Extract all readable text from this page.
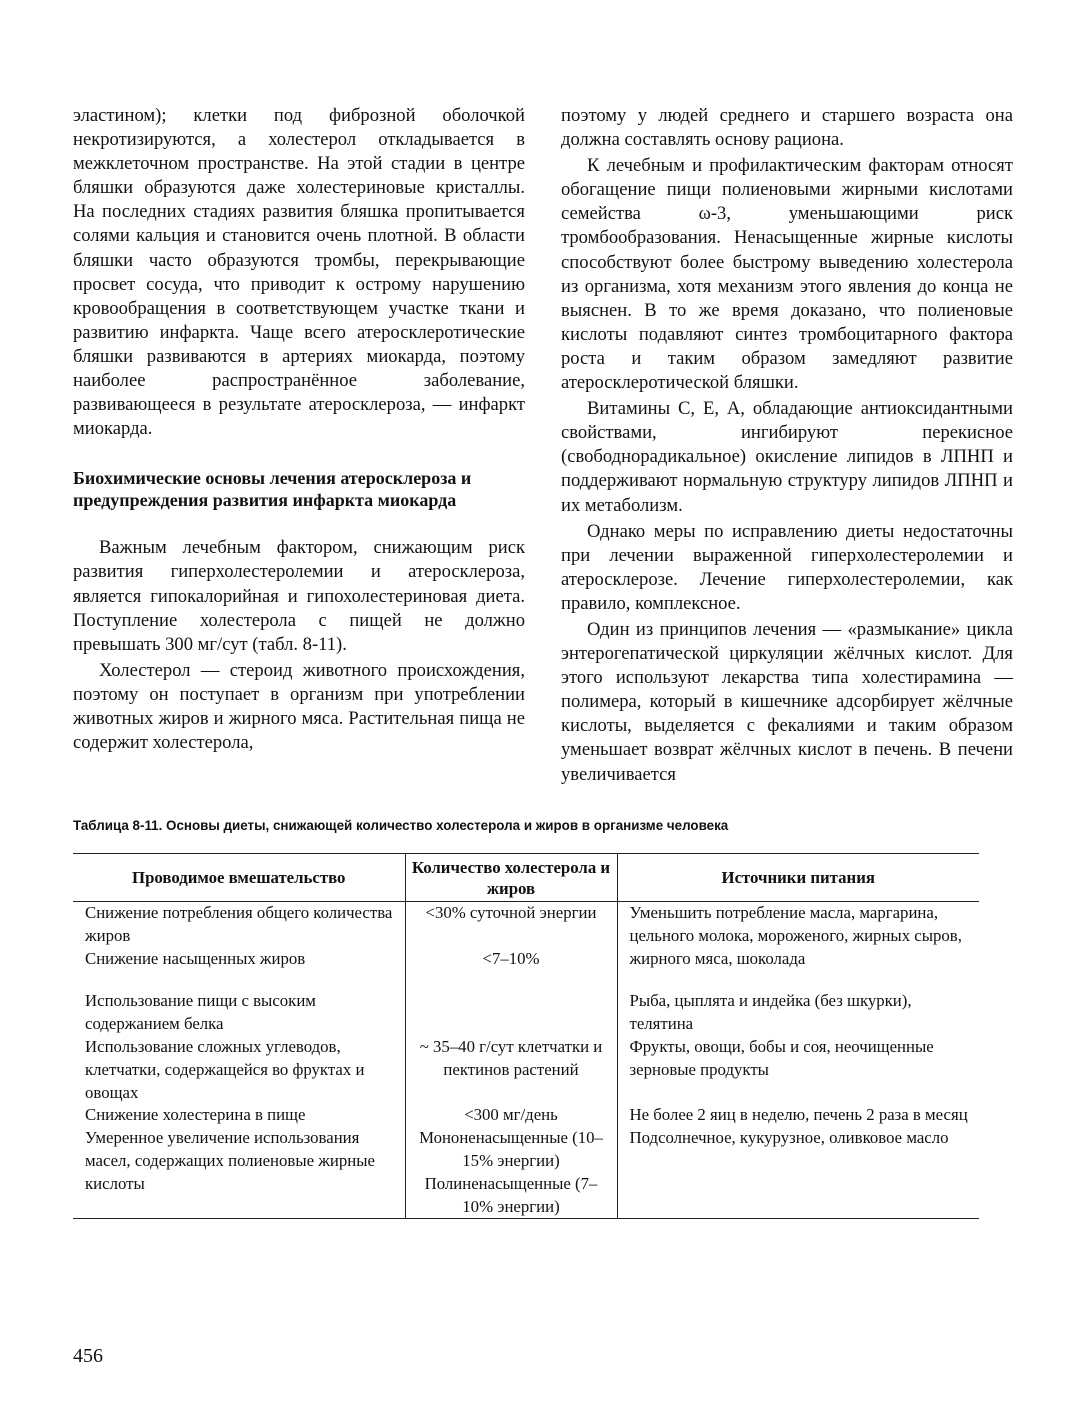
эластином); клетки под фиброзной оболочкой некротизируются, а холестерол откладывается в межклеточном пространстве. На этой стадии в центре бляшки образуются даже холестериновые кристаллы. На последних стадиях развития бляшка пропитывается солями кальция и становится очень плотной. В области бляшки часто образуются тромбы, перекрывающие просвет сосуда, что приводит к острому нарушению кровообращения в соответствующем участке ткани и развитию инфаркта. Чаще всего атеросклеротические бляшки развиваются в артериях миокарда, поэтому наиболее распространённое заболевание, развивающееся в результате атеросклероза, — инфаркт миокарда.

Биохимические основы лечения атеросклероза и предупреждения развития инфаркта миокарда

Важным лечебным фактором, снижающим риск развития гиперхолестеролемии и атеросклероза, является гипокалорийная и гипохолестериновая диета. Поступление холестерола с пищей не должно превышать 300 мг/сут (табл. 8-11).

Холестерол — стероид животного происхождения, поэтому он поступает в организм при употреблении животных жиров и жирного мяса. Растительная пища не содержит холестерола,

поэтому у людей среднего и старшего возраста она должна составлять основу рациона.

К лечебным и профилактическим факторам относят обогащение пищи полиеновыми жирными кислотами семейства ω-3, уменьшающими риск тромбообразования. Ненасыщенные жирные кислоты способствуют более быстрому выведению холестерола из организма, хотя механизм этого явления до конца не выяснен. В то же время доказано, что полиеновые кислоты подавляют синтез тромбоцитарного фактора роста и таким образом замедляют развитие атеросклеротической бляшки.

Витамины С, Е, А, обладающие антиоксидантными свойствами, ингибируют перекисное (свободнорадикальное) окисление липидов в ЛПНП и поддерживают нормальную структуру липидов ЛПНП и их метаболизм.

Однако меры по исправлению диеты недостаточны при лечении выраженной гиперхолестеролемии и атеросклерозе. Лечение гиперхолестеролемии, как правило, комплексное.

Один из принципов лечения — «размыкание» цикла энтерогепатической циркуляции жёлчных кислот. Для этого используют лекарства типа холестирамина — полимера, который в кишечнике адсорбирует жёлчные кислоты, выделяется с фекалиями и таким образом уменьшает возврат жёлчных кислот в печень. В печени увеличивается

Таблица 8-11. Основы диеты, снижающей количество холестерола и жиров в организме человека
Проводимое вмешательство	Количество холестерола и жиров	Источники питания
Снижение потребления общего количества жиров	<30% суточной энергии	Уменьшить потребление масла, маргарина, цельного молока, мороженого, жирных сыров, жирного мяса, шоколада
Снижение насыщенных жиров	<7–10%	

Использование пищи с высоким содержанием белка		Рыба, цыплята и индейка (без шкурки), телятина
Использование сложных углеводов, клетчатки, содержащейся во фруктах и овощах	~ 35–40 г/сут клетчатки и пектинов растений	Фрукты, овощи, бобы и соя, неочищенные зерновые продукты
Снижение холестерина в пище	<300 мг/день	Не более 2 яиц в неделю, печень 2 раза в месяц
Умеренное увеличение использования масел, содержащих полиеновые жирные кислоты	Мононенасыщенные (10–15% энергии) Полиненасыщенные (7–10% энергии)	Подсолнечное, кукурузное, оливковое масло
456
